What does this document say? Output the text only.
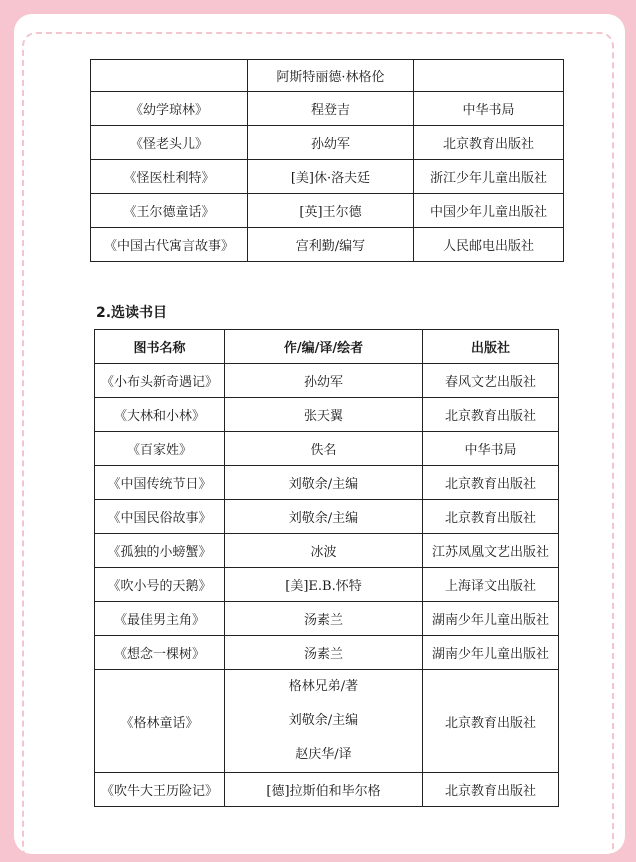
	阿斯特丽德·林格伦	
《幼学琼林》	程登吉	中华书局
《怪老头儿》	孙幼军	北京教育出版社
《怪医杜利特》	[美]休·洛夫廷	浙江少年儿童出版社
《王尔德童话》	[英]王尔德	中国少年儿童出版社
《中国古代寓言故事》	宫利勤/编写	人民邮电出版社
2.选读书目
图书名称	作/编/译/绘者	出版社
《小布头新奇遇记》	孙幼军	春风文艺出版社
《大林和小林》	张天翼	北京教育出版社
《百家姓》	佚名	中华书局
《中国传统节日》	刘敬余/主编	北京教育出版社
《中国民俗故事》	刘敬余/主编	北京教育出版社
《孤独的小螃蟹》	冰波	江苏凤凰文艺出版社
《吹小号的天鹅》	[美]E.B.怀特	上海译文出版社
《最佳男主角》	汤素兰	湖南少年儿童出版社
《想念一棵树》	汤素兰	湖南少年儿童出版社
《格林童话》	格林兄弟/著
刘敬余/主编
赵庆华/译	北京教育出版社
《吹牛大王历险记》	[德]拉斯伯和毕尔格	北京教育出版社
